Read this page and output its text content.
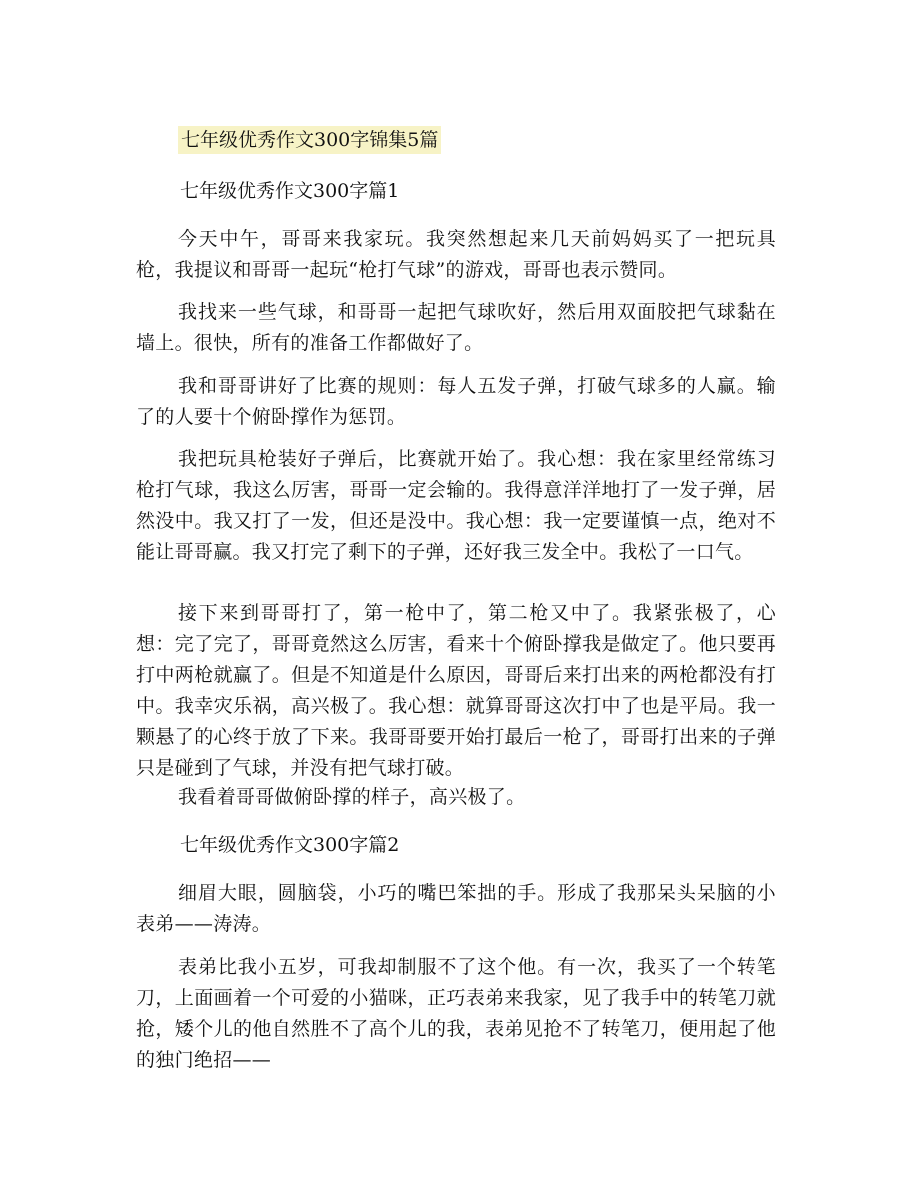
七年级优秀作文300字锦集5篇
七年级优秀作文300字篇1

今天中午，哥哥来我家玩。我突然想起来几天前妈妈买了一把玩具枪，我提议和哥哥一起玩“枪打气球”的游戏，哥哥也表示赞同。

我找来一些气球，和哥哥一起把气球吹好，然后用双面胶把气球黏在墙上。很快，所有的准备工作都做好了。

我和哥哥讲好了比赛的规则：每人五发子弹，打破气球多的人赢。输了的人要十个俯卧撑作为惩罚。

我把玩具枪装好子弹后，比赛就开始了。我心想：我在家里经常练习枪打气球，我这么厉害，哥哥一定会输的。我得意洋洋地打了一发子弹，居然没中。我又打了一发，但还是没中。我心想：我一定要谨慎一点，绝对不能让哥哥赢。我又打完了剩下的子弹，还好我三发全中。我松了一口气。

接下来到哥哥打了，第一枪中了，第二枪又中了。我紧张极了，心想：完了完了，哥哥竟然这么厉害，看来十个俯卧撑我是做定了。他只要再打中两枪就赢了。但是不知道是什么原因，哥哥后来打出来的两枪都没有打中。我幸灾乐祸，高兴极了。我心想：就算哥哥这次打中了也是平局。我一颗悬了的心终于放了下来。我哥哥要开始打最后一枪了，哥哥打出来的子弹只是碰到了气球，并没有把气球打破。

我看着哥哥做俯卧撑的样子，高兴极了。

七年级优秀作文300字篇2

细眉大眼，圆脑袋，小巧的嘴巴笨拙的手。形成了我那呆头呆脑的小表弟——涛涛。

表弟比我小五岁，可我却制服不了这个他。有一次，我买了一个转笔刀，上面画着一个可爱的小猫咪，正巧表弟来我家，见了我手中的转笔刀就抢，矮个儿的他自然胜不了高个儿的我，表弟见抢不了转笔刀，便用起了他的独门绝招——
